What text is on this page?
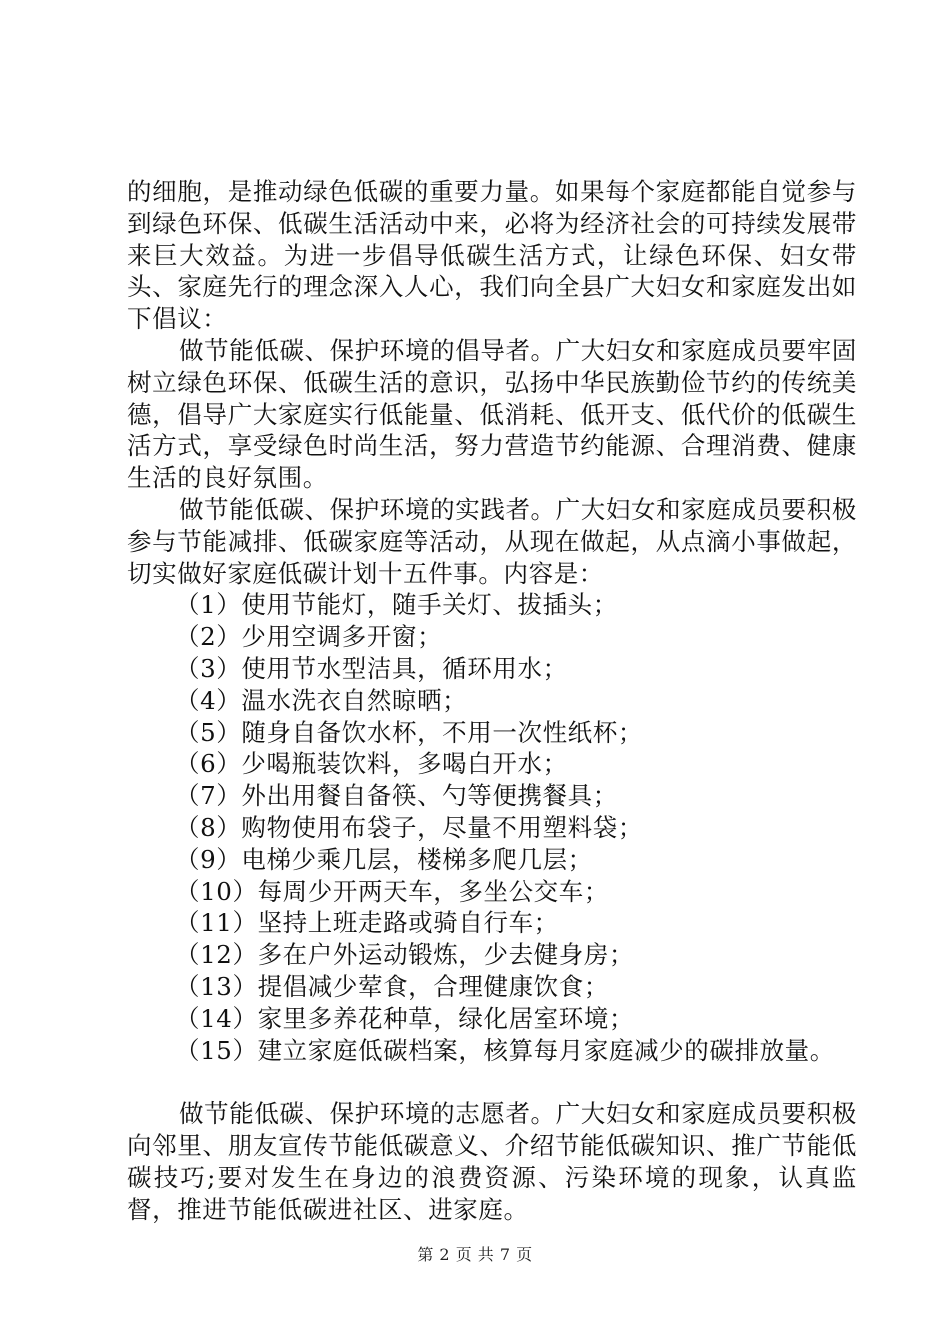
的细胞，是推动绿色低碳的重要力量。如果每个家庭都能自觉参与到绿色环保、低碳生活活动中来，必将为经济社会的可持续发展带来巨大效益。为进一步倡导低碳生活方式，让绿色环保、妇女带头、家庭先行的理念深入人心，我们向全县广大妇女和家庭发出如下倡议：

做节能低碳、保护环境的倡导者。广大妇女和家庭成员要牢固树立绿色环保、低碳生活的意识，弘扬中华民族勤俭节约的传统美德，倡导广大家庭实行低能量、低消耗、低开支、低代价的低碳生活方式，享受绿色时尚生活，努力营造节约能源、合理消费、健康生活的良好氛围。

做节能低碳、保护环境的实践者。广大妇女和家庭成员要积极参与节能减排、低碳家庭等活动，从现在做起，从点滴小事做起，切实做好家庭低碳计划十五件事。内容是：

（1）使用节能灯，随手关灯、拔插头；
（2）少用空调多开窗；
（3）使用节水型洁具，循环用水；
（4）温水洗衣自然晾晒；
（5）随身自备饮水杯，不用一次性纸杯；
（6）少喝瓶装饮料，多喝白开水；
（7）外出用餐自备筷、勺等便携餐具；
（8）购物使用布袋子，尽量不用塑料袋；
（9）电梯少乘几层，楼梯多爬几层；
（10）每周少开两天车，多坐公交车；
（11）坚持上班走路或骑自行车；
（12）多在户外运动锻炼，少去健身房；
（13）提倡减少荤食，合理健康饮食；
（14）家里多养花种草，绿化居室环境；
（15）建立家庭低碳档案，核算每月家庭减少的碳排放量。

做节能低碳、保护环境的志愿者。广大妇女和家庭成员要积极向邻里、朋友宣传节能低碳意义、介绍节能低碳知识、推广节能低碳技巧;要对发生在身边的浪费资源、污染环境的现象，认真监督，推进节能低碳进社区、进家庭。

第 2 页 共 7 页
